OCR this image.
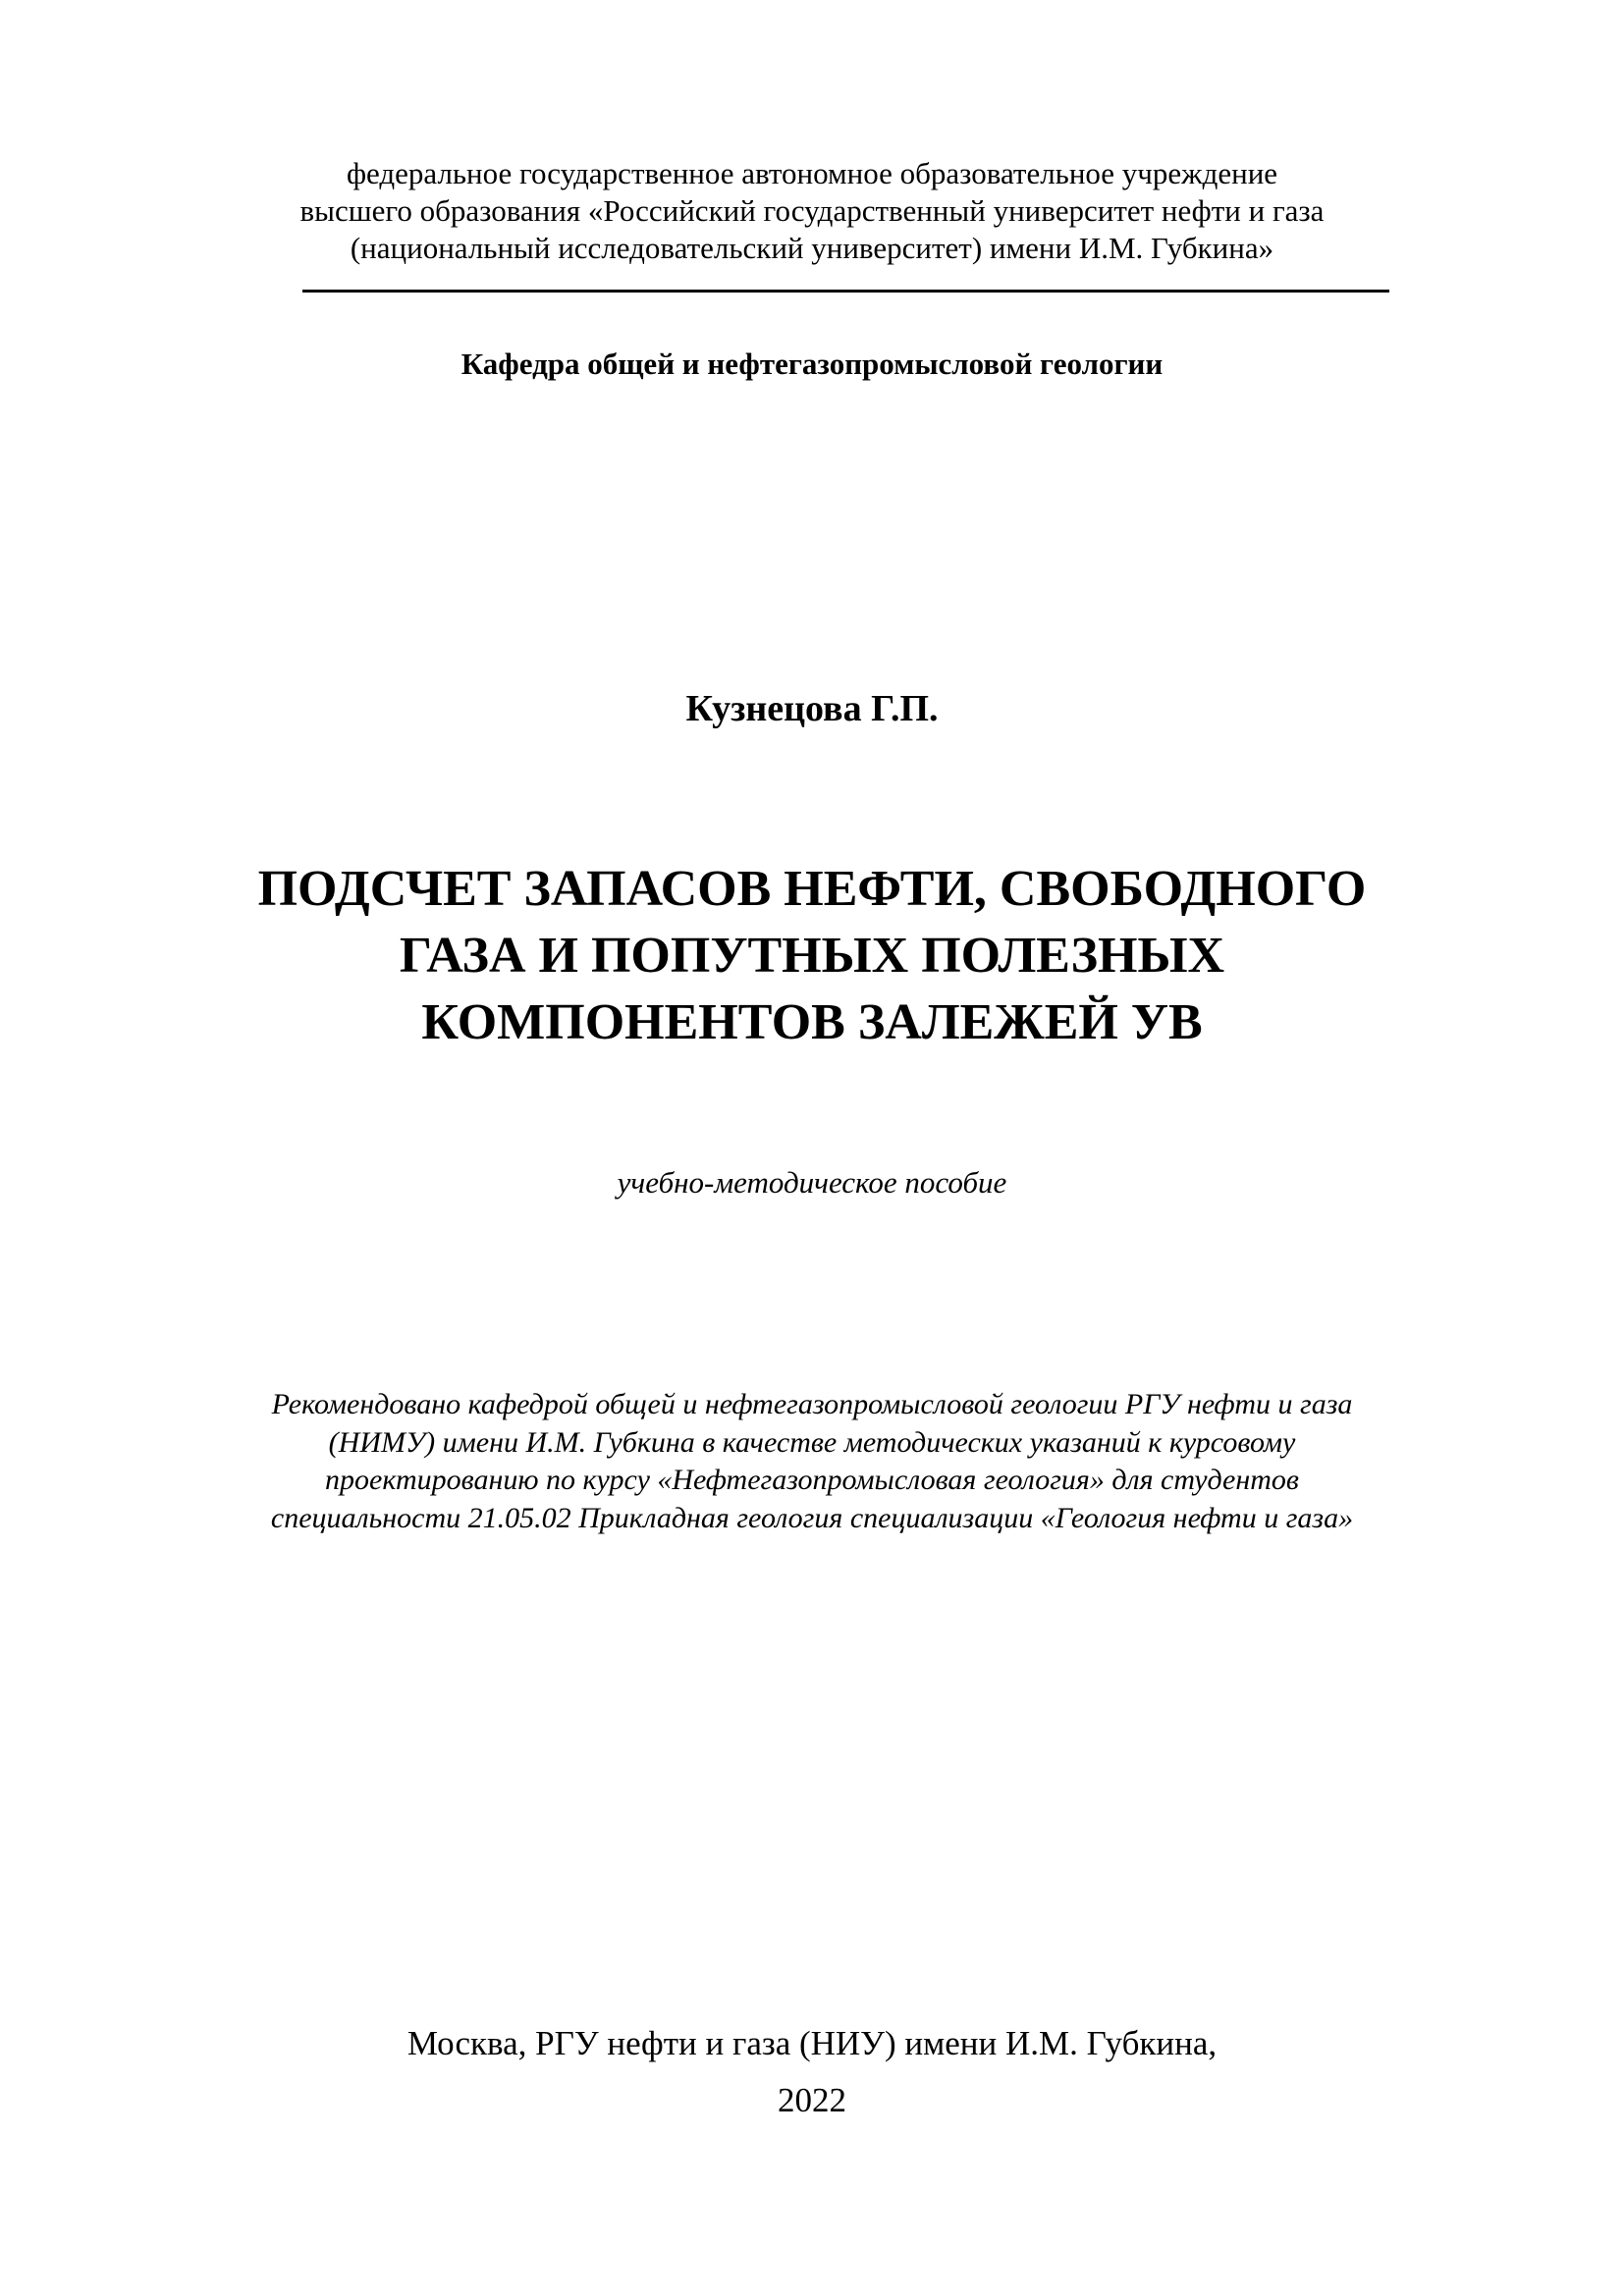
федеральное государственное автономное образовательное учреждение
высшего образования «Российский государственный университет нефти и газа
(национальный исследовательский университет) имени И.М. Губкина»
Кафедра общей и нефтегазопромысловой геологии
Кузнецова Г.П.
ПОДСЧЕТ ЗАПАСОВ НЕФТИ, СВОБОДНОГО
ГАЗА И ПОПУТНЫХ ПОЛЕЗНЫХ
КОМПОНЕНТОВ ЗАЛЕЖЕЙ УВ
учебно-методическое пособие
Рекомендовано кафедрой общей и нефтегазопромысловой геологии РГУ нефти и газа
(НИМУ) имени И.М. Губкина в качестве методических указаний к курсовому
проектированию по курсу «Нефтегазопромысловая геология» для студентов
специальности 21.05.02 Прикладная геология специализации «Геология нефти и газа»
Москва, РГУ нефти и газа (НИУ) имени И.М. Губкина,
2022
